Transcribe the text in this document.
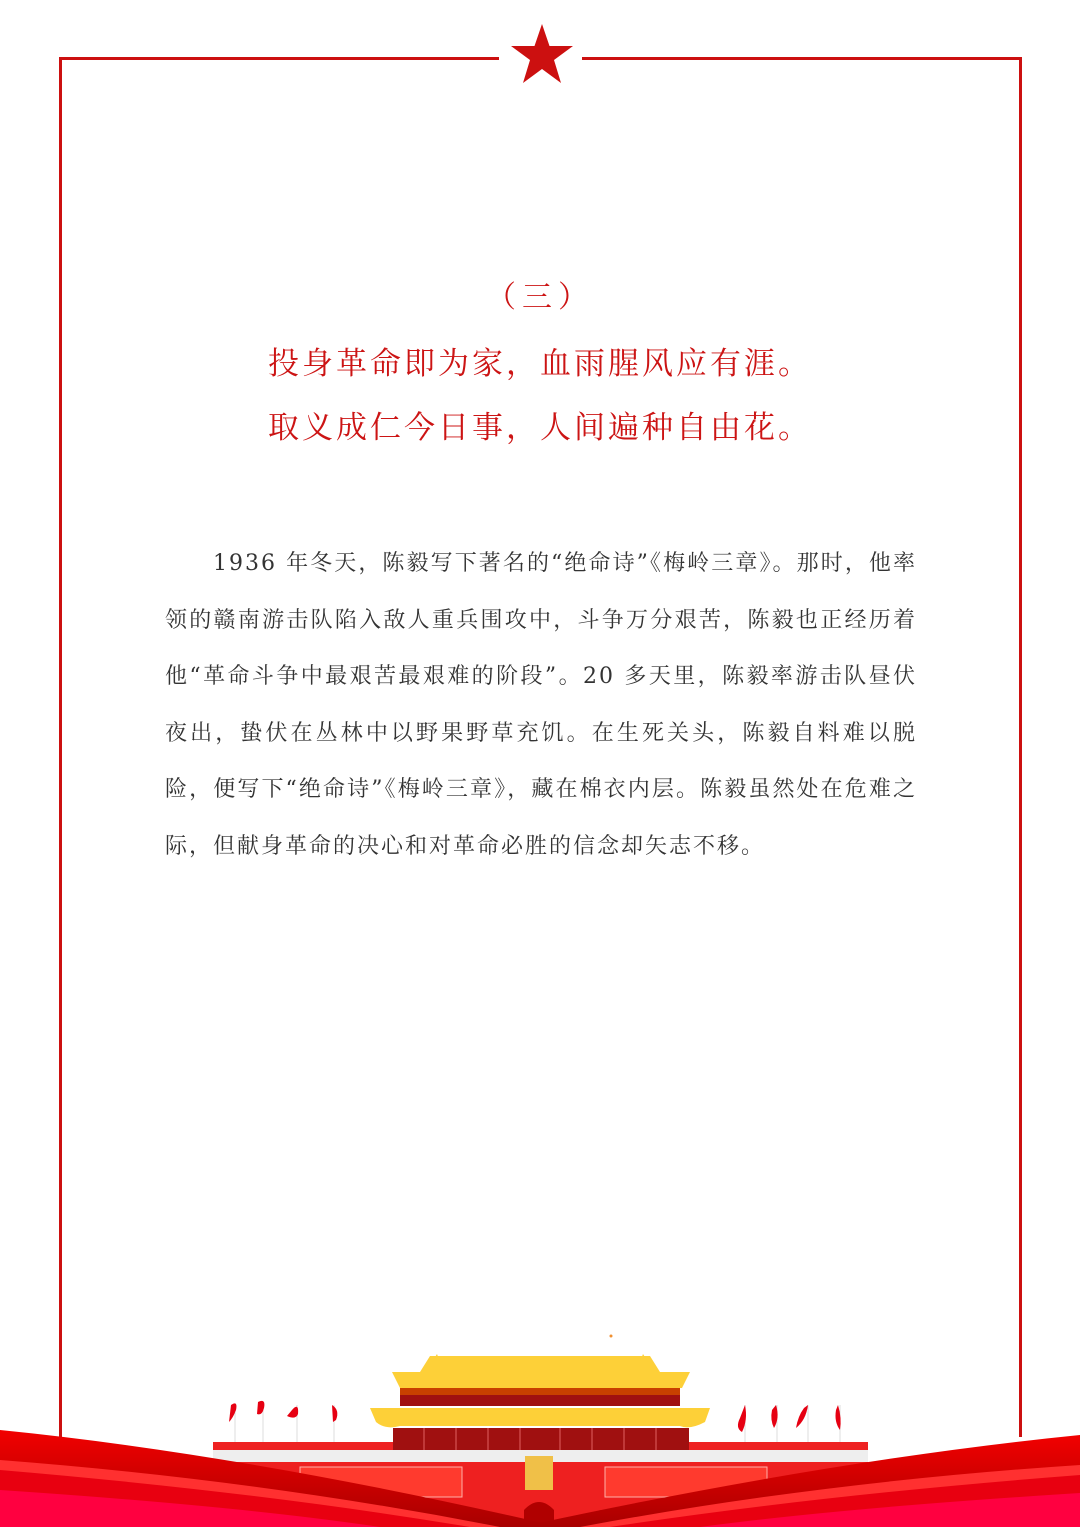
（三）
投身革命即为家，血雨腥风应有涯。
取义成仁今日事，人间遍种自由花。
1936 年冬天，陈毅写下著名的“绝命诗”《梅岭三章》。那时，他率领的赣南游击队陷入敌人重兵围攻中，斗争万分艰苦，陈毅也正经历着他“革命斗争中最艰苦最艰难的阶段”。20 多天里，陈毅率游击队昼伏夜出，蛰伏在丛林中以野果野草充饥。在生死关头，陈毅自料难以脱险，便写下“绝命诗”《梅岭三章》，藏在棉衣内层。陈毅虽然处在危难之际，但献身革命的决心和对革命必胜的信念却矢志不移。
